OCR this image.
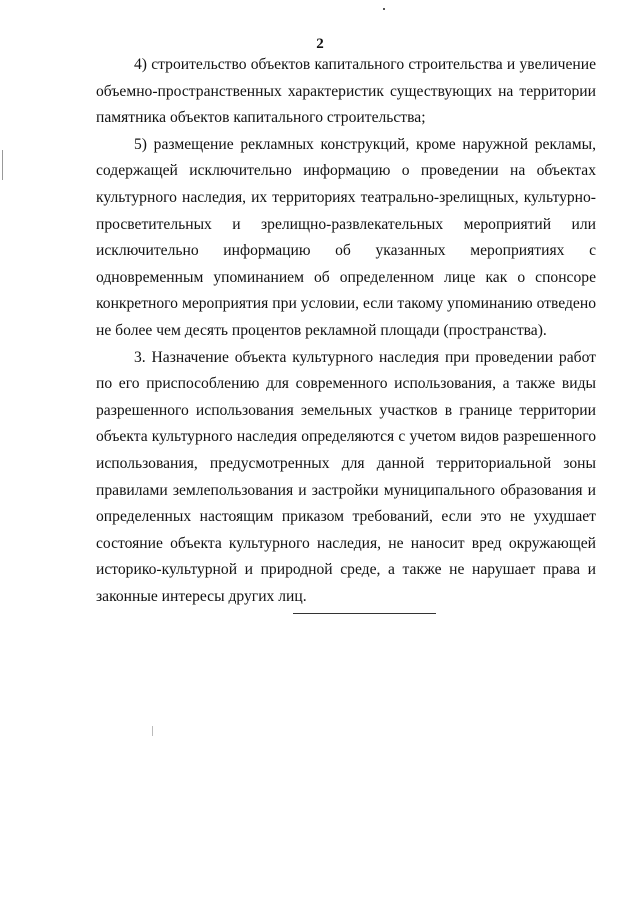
2

4) строительство объектов капитального строительства и увеличение объемно-пространственных характеристик существующих на территории памятника объектов капитального строительства;

5) размещение рекламных конструкций, кроме наружной рекламы, содержащей исключительно информацию о проведении на объектах культурного наследия, их территориях театрально-зрелищных, культурно-просветительных и зрелищно-развлекательных мероприятий или исключительно информацию об указанных мероприятиях с одновременным упоминанием об определенном лице как о спонсоре конкретного мероприятия при условии, если такому упоминанию отведено не более чем десять процентов рекламной площади (пространства).

3. Назначение объекта культурного наследия при проведении работ по его приспособлению для современного использования, а также виды разрешенного использования земельных участков в границе территории объекта культурного наследия определяются с учетом видов разрешенного использования, предусмотренных для данной территориальной зоны правилами землепользования и застройки муниципального образования и определенных настоящим приказом требований, если это не ухудшает состояние объекта культурного наследия, не наносит вред окружающей историко-культурной и природной среде, а также не нарушает права и законные интересы других лиц.
